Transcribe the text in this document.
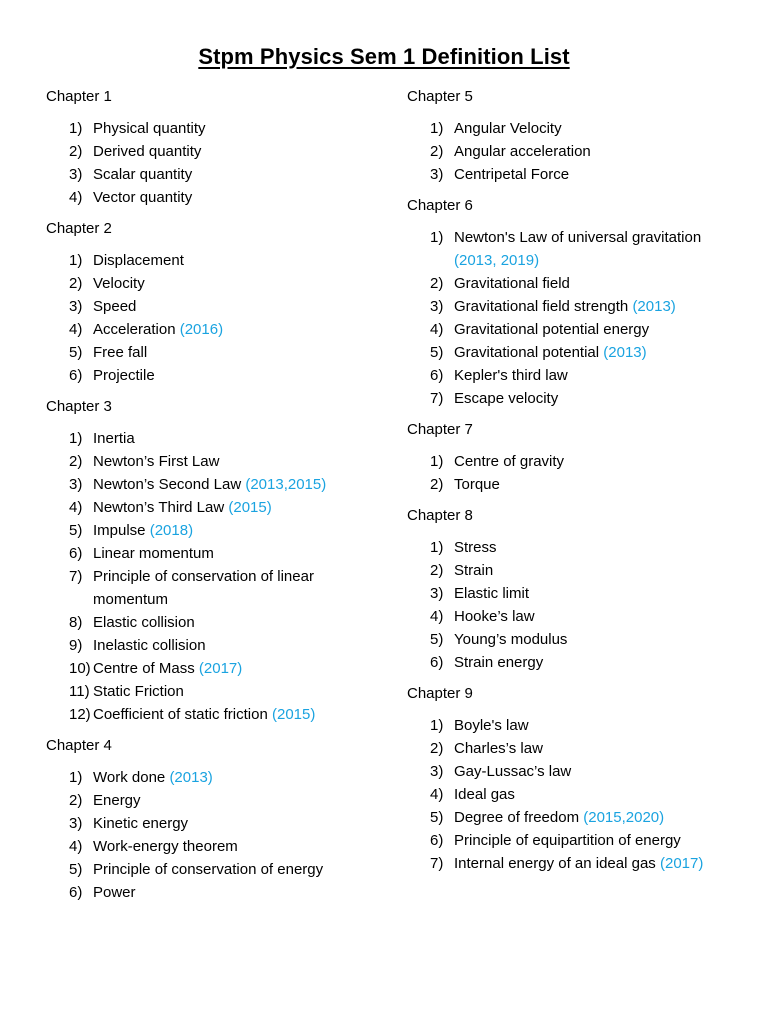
Stpm Physics Sem 1 Definition List
Chapter 1
1) Physical quantity
2) Derived quantity
3) Scalar quantity
4) Vector quantity
Chapter 2
1) Displacement
2) Velocity
3) Speed
4) Acceleration (2016)
5) Free fall
6) Projectile
Chapter 3
1) Inertia
2) Newton’s First Law
3) Newton’s Second Law (2013,2015)
4) Newton’s Third Law (2015)
5) Impulse (2018)
6) Linear momentum
7) Principle of conservation of linear momentum
8) Elastic collision
9) Inelastic collision
10) Centre of Mass (2017)
11) Static Friction
12) Coefficient of static friction (2015)
Chapter 4
1) Work done (2013)
2) Energy
3) Kinetic energy
4) Work-energy theorem
5) Principle of conservation of energy
6) Power
Chapter 5
1) Angular Velocity
2) Angular acceleration
3) Centripetal Force
Chapter 6
1) Newton's Law of universal gravitation (2013, 2019)
2) Gravitational field
3) Gravitational field strength (2013)
4) Gravitational potential energy
5) Gravitational potential (2013)
6) Kepler's third law
7) Escape velocity
Chapter 7
1) Centre of gravity
2) Torque
Chapter 8
1) Stress
2) Strain
3) Elastic limit
4) Hooke’s law
5) Young’s modulus
6) Strain energy
Chapter 9
1) Boyle's law
2) Charles’s law
3) Gay-Lussac’s law
4) Ideal gas
5) Degree of freedom (2015,2020)
6) Principle of equipartition of energy
7) Internal energy of an ideal gas (2017)
